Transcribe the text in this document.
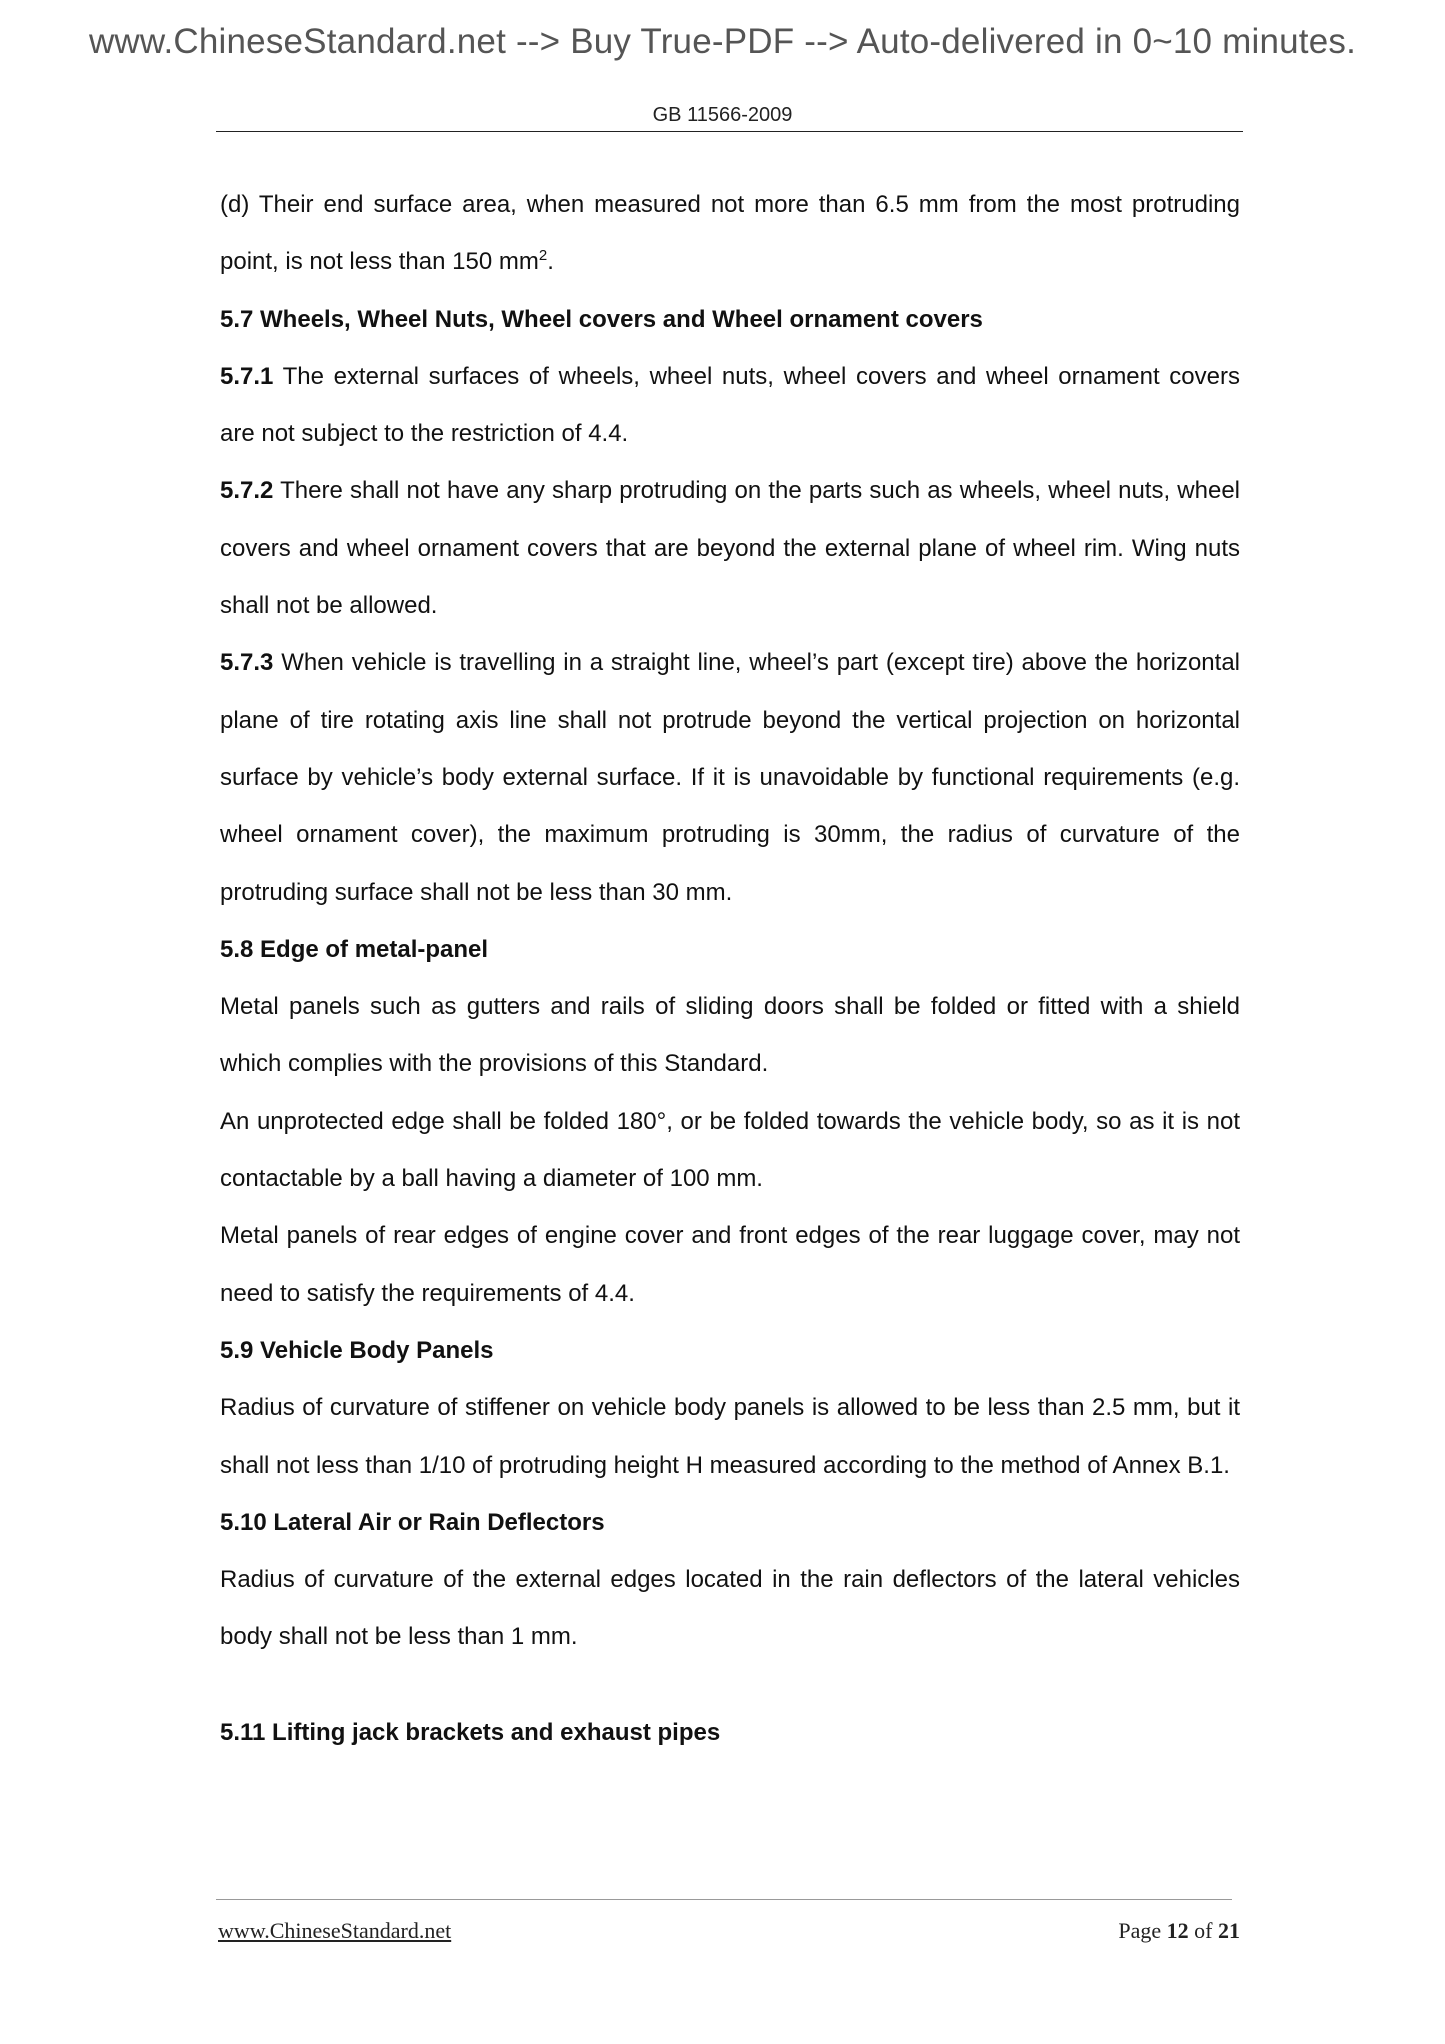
www.ChineseStandard.net --> Buy True-PDF --> Auto-delivered in 0~10 minutes.
GB 11566-2009

(d) Their end surface area, when measured not more than 6.5 mm from the most protruding point, is not less than 150 $mm^2$.

5.7 Wheels, Wheel Nuts, Wheel covers and Wheel ornament covers

5.7.1 The external surfaces of wheels, wheel nuts, wheel covers and wheel ornament covers are not subject to the restriction of 4.4.

5.7.2 There shall not have any sharp protruding on the parts such as wheels, wheel nuts, wheel covers and wheel ornament covers that are beyond the external plane of wheel rim. Wing nuts shall not be allowed.

5.7.3 When vehicle is travelling in a straight line, wheel’s part (except tire) above the horizontal plane of tire rotating axis line shall not protrude beyond the vertical projection on horizontal surface by vehicle’s body external surface. If it is unavoidable by functional requirements (e.g. wheel ornament cover), the maximum protruding is 30mm, the radius of curvature of the protruding surface shall not be less than 30 mm.

5.8 Edge of metal-panel

Metal panels such as gutters and rails of sliding doors shall be folded or fitted with a shield which complies with the provisions of this Standard.

An unprotected edge shall be folded 180°, or be folded towards the vehicle body, so as it is not contactable by a ball having a diameter of 100 mm.

Metal panels of rear edges of engine cover and front edges of the rear luggage cover, may not need to satisfy the requirements of 4.4.

5.9 Vehicle Body Panels

Radius of curvature of stiffener on vehicle body panels is allowed to be less than 2.5 mm, but it shall not less than 1/10 of protruding height H measured according to the method of Annex B.1.

5.10 Lateral Air or Rain Deflectors

Radius of curvature of the external edges located in the rain deflectors of the lateral vehicles body shall not be less than 1 mm.

5.11 Lifting jack brackets and exhaust pipes

www.ChineseStandard.net	Page 12 of 21
